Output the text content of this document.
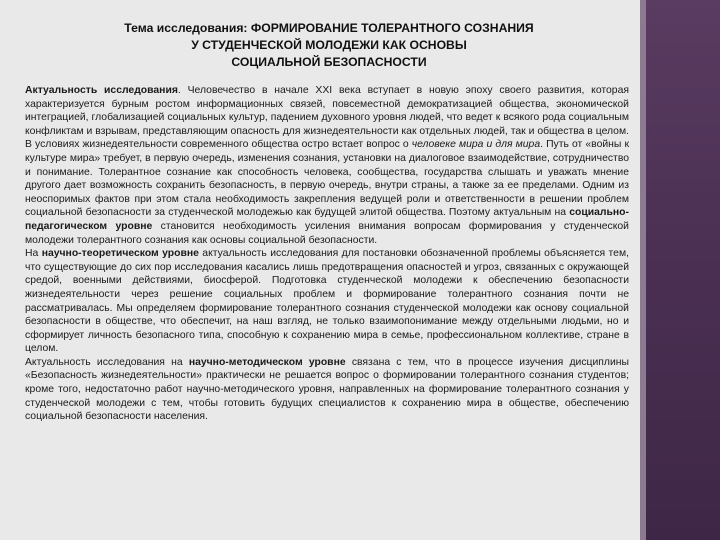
Тема исследования: ФОРМИРОВАНИЕ ТОЛЕРАНТНОГО СОЗНАНИЯ
У СТУДЕНЧЕСКОЙ МОЛОДЕЖИ КАК ОСНОВЫ
СОЦИАЛЬНОЙ БЕЗОПАСНОСТИ

Актуальность исследования. Человечество в начале XXI века вступает в новую эпоху своего развития, которая характеризуется бурным ростом информационных связей, повсеместной демократизацией общества, экономической интеграцией, глобализацией социальных культур, падением духовного уровня людей, что ведет к всякого рода социальным конфликтам и взрывам, представляющим опасность для жизнедеятельности как отдельных людей, так и общества в целом. В условиях жизнедеятельности современного общества остро встает вопрос о человеке мира и для мира. Путь от «войны к культуре мира» требует, в первую очередь, изменения сознания, установки на диалоговое взаимодействие, сотрудничество и понимание. Толерантное сознание как способность человека, сообщества, государства слышать и уважать мнение другого дает возможность сохранить безопасность, в первую очередь, внутри страны, а также за ее пределами. Одним из неоспоримых фактов при этом стала необходимость закрепления ведущей роли и ответственности в решении проблем социальной безопасности за студенческой молодежью как будущей элитой общества. Поэтому актуальным на социально-педагогическом уровне становится необходимость усиления внимания вопросам формирования у студенческой молодежи толерантного сознания как основы социальной безопасности.

На научно-теоретическом уровне актуальность исследования для постановки обозначенной проблемы объясняется тем, что существующие до сих пор исследования касались лишь предотвращения опасностей и угроз, связанных с окружающей средой, военными действиями, биосферой. Подготовка студенческой молодежи к обеспечению безопасности жизнедеятельности через решение социальных проблем и формирование толерантного сознания почти не рассматривалась. Мы определяем формирование толерантного сознания студенческой молодежи как основу социальной безопасности в обществе, что обеспечит, на наш взгляд, не только взаимопонимание между отдельными людьми, но и сформирует личность безопасного типа, способную к сохранению мира в семье, профессиональном коллективе, стране в целом.

Актуальность исследования на научно-методическом уровне связана с тем, что в процессе изучения дисциплины «Безопасность жизнедеятельности» практически не решается вопрос о формировании толерантного сознания студентов; кроме того, недостаточно работ научно-методического уровня, направленных на формирование толерантного сознания у студенческой молодежи с тем, чтобы готовить будущих специалистов к сохранению мира в обществе, обеспечению социальной безопасности населения.
